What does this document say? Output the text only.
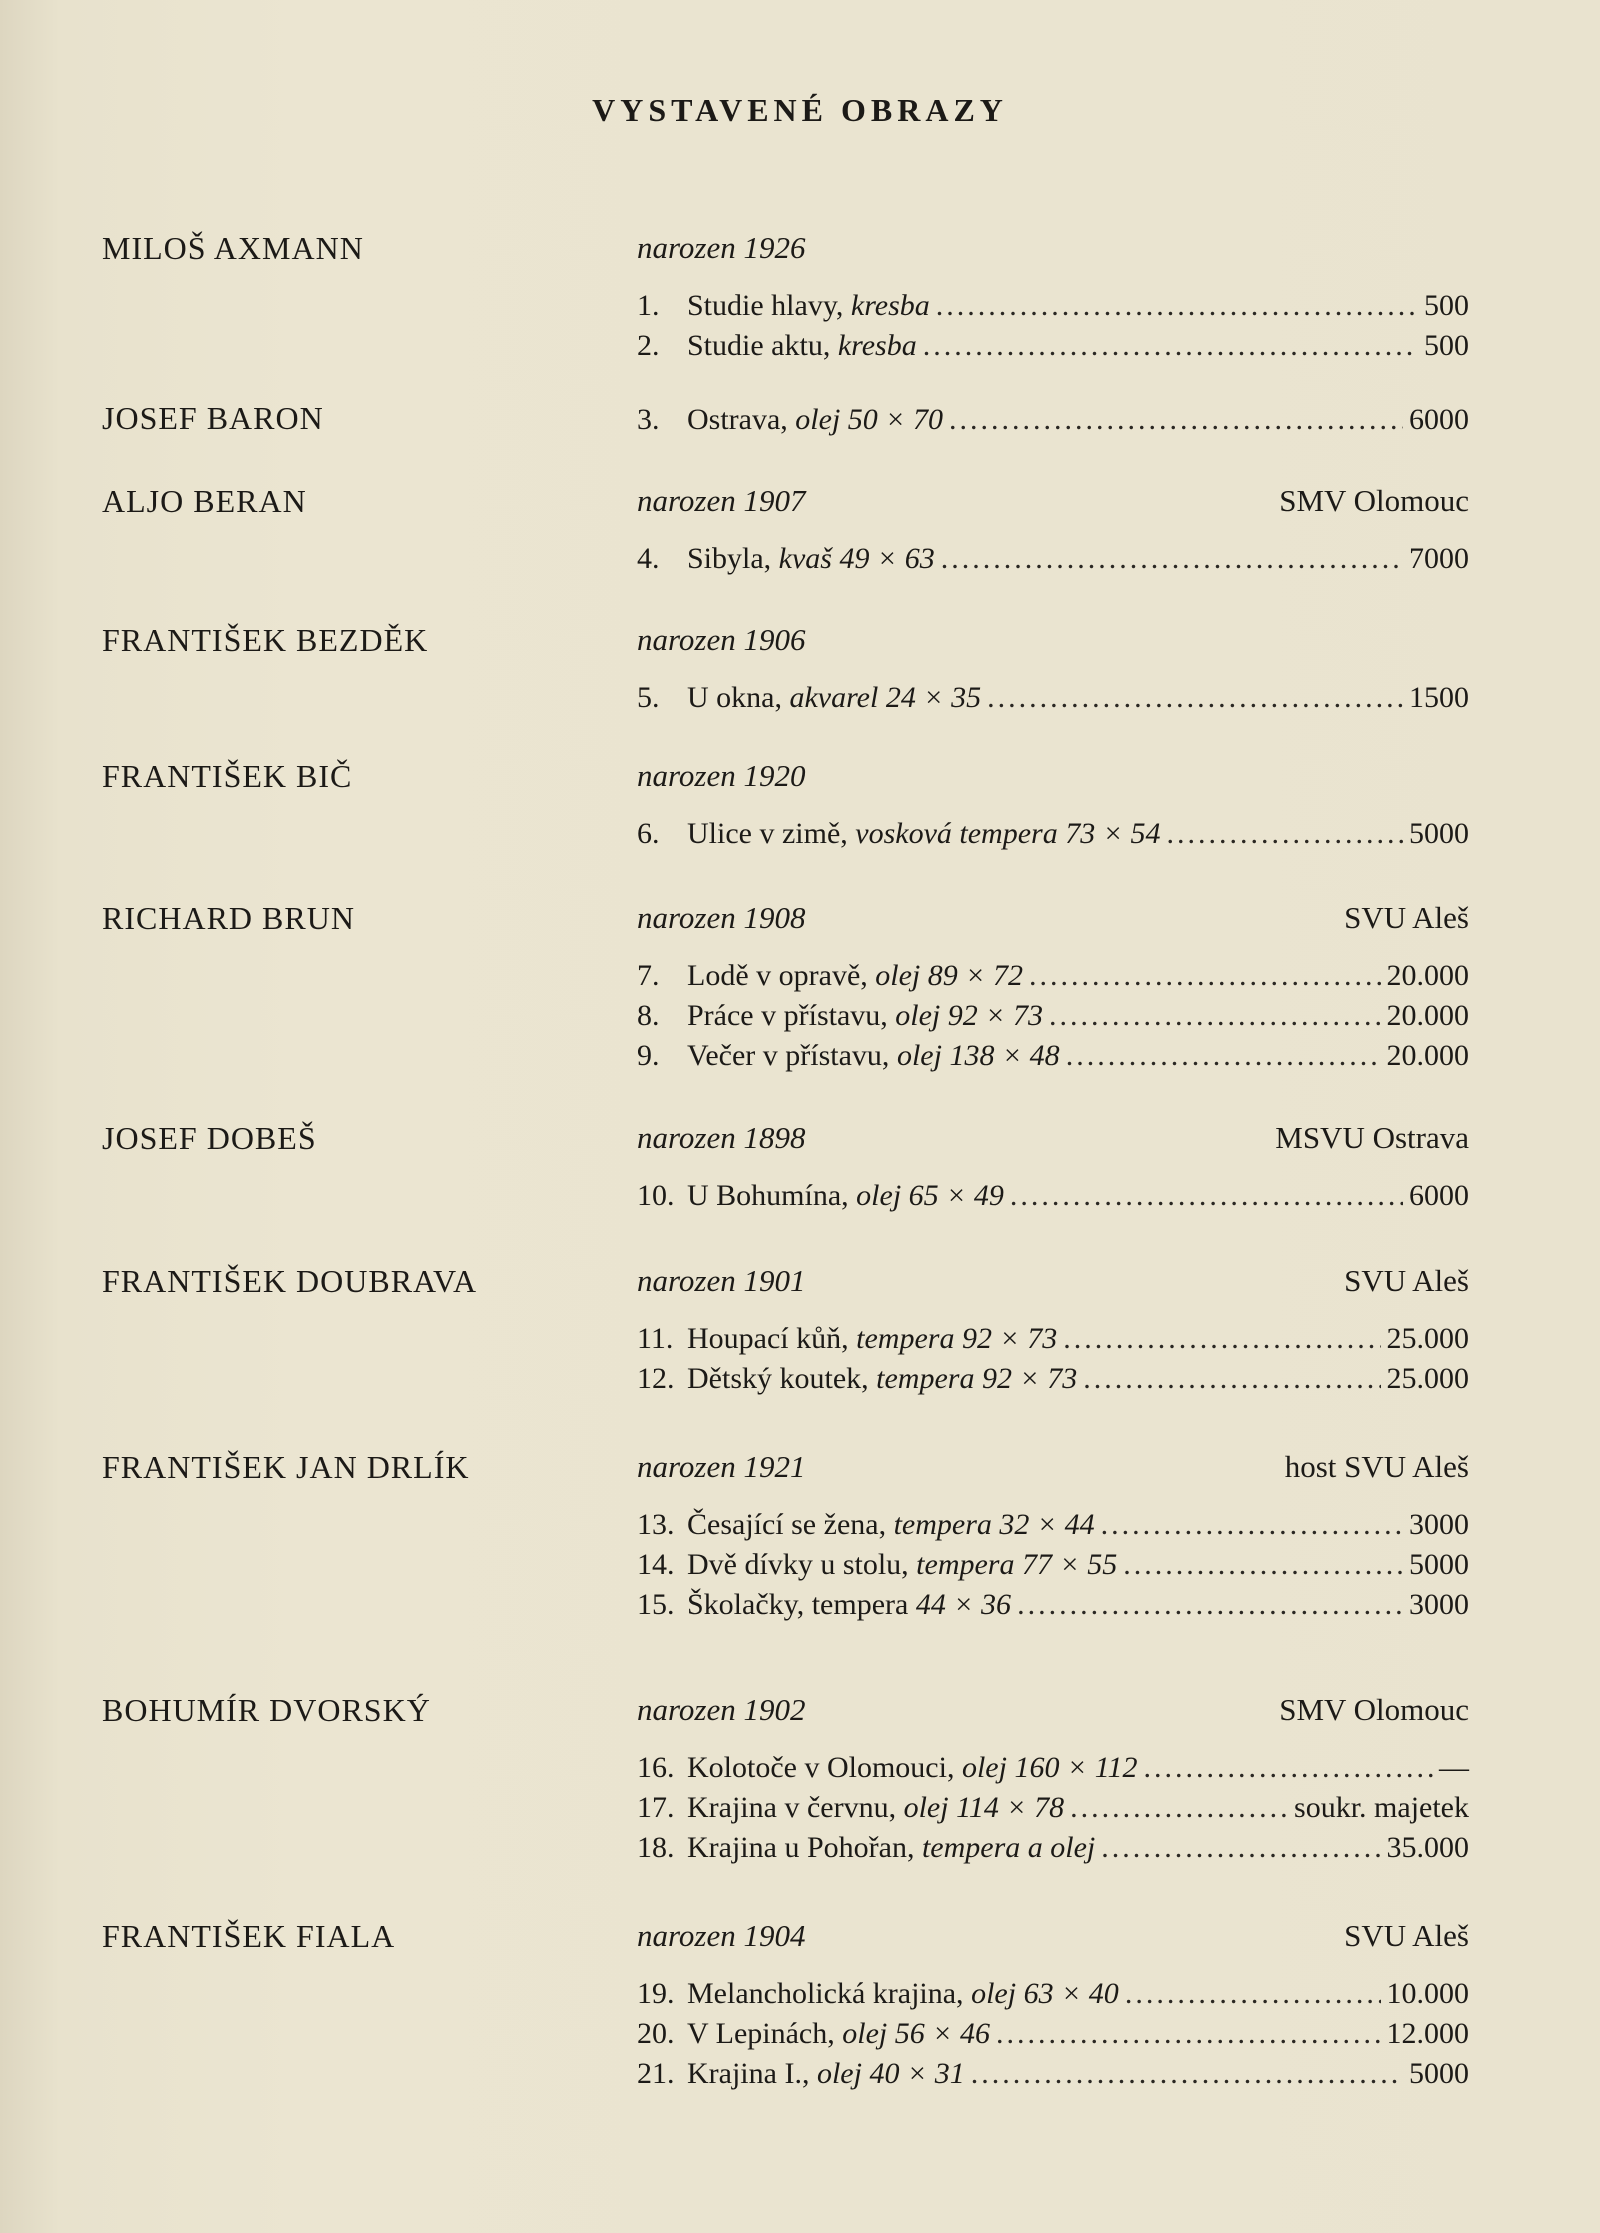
VYSTAVENÉ OBRAZY
MILOŠ AXMANN	narozen 1926
1. Studie hlavy, kresba .....	500
2. Studie aktu, kresba .....	500
JOSEF BARON	3. Ostrava, olej 50 × 70 .....	6000
ALJO BERAN	narozen 1907	SMV Olomouc
4. Sibyla, kvaš 49 × 63 .....	7000
FRANTIŠEK BEZDĚK	narozen 1906
5. U okna, akvarel 24 × 35 .....	1500
FRANTIŠEK BIČ	narozen 1920
6. Ulice v zimě, vosková tempera 73 × 54 .....	5000
RICHARD BRUN	narozen 1908	SVU Aleš
7. Lodě v opravě, olej 89 × 72 .....	20.000
8. Práce v přístavu, olej 92 × 73 .....	20.000
9. Večer v přístavu, olej 138 × 48 .....	20.000
JOSEF DOBEŠ	narozen 1898	MSVU Ostrava
10. U Bohumína, olej 65 × 49 .....	6000
FRANTIŠEK DOUBRAVA	narozen 1901	SVU Aleš
11. Houpací kůň, tempera 92 × 73 .....	25.000
12. Dětský koutek, tempera 92 × 73 .....	25.000
FRANTIŠEK JAN DRLÍK	narozen 1921	host SVU Aleš
13. Česající se žena, tempera 32 × 44 .....	3000
14. Dvě dívky u stolu, tempera 77 × 55 .....	5000
15. Školačky, tempera 44 × 36 .....	3000
BOHUMÍR DVORSKÝ	narozen 1902	SMV Olomouc
16. Kolotoče v Olomouci, olej 160 × 112 .....	—
17. Krajina v červnu, olej 114 × 78 .....	soukr. majetek
18. Krajina u Pohořan, tempera a olej .....	35.000
FRANTIŠEK FIALA	narozen 1904	SVU Aleš
19. Melancholická krajina, olej 63 × 40 .....	10.000
20. V Lepinách, olej 56 × 46 .....	12.000
21. Krajina I., olej 40 × 31 .....	5000
